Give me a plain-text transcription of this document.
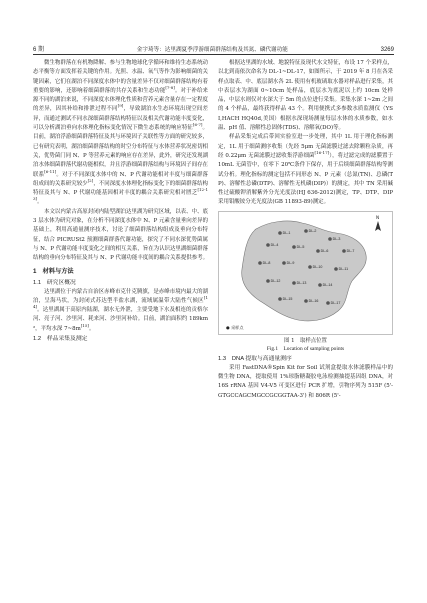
6 期	金宇琦等：达里湖夏季浮游细菌群落结构及其氮、磷代谢功能	3269

微生物群落在有机物降解、参与生物地球化学循环和维持生态系统动态平衡等方面发挥着关键的作用。光照、水温、氧气等作为影响细菌的关键因素，它们在湖泊不同深度水体中的含量差异不仅对细菌群落结构有着重要的影响，还影响着细菌群落的共存关系和生态功能[7-8]。对于补给来源不同的湖泊来说，不同深度水体理化性质和营养元素含量存在一定程度的差异，因其补给和排泄过程不同[9]，导致湖泊水生态环境出现空间差异，而通过测试不同水深细菌群落结构特征以及相关代谢功能丰度变化，可以分析湖泊垂向水体理化指标变化情况下微生态系统的响应特征[6-7]。目前，湖泊浮游细菌群落特征及其与环境因子关联性等方面的研究较多，已有研究表明，湖泊细菌群落结构的时空分布特征与水体营养状况密切相关，优势菌门同 N、P 等营养元素的响应存在差异，此外，研究还发现湖泊水体细菌群落代谢功能相似，并且浮游细菌群落结构与环境因子间存在联系[6-11]。对于不同深度水体中的 N、P 代谢功能相对丰度与细菌群落组成间的关系研究较少[2]，不同深度水体理化指标变化下的细菌群落结构特征及其与 N、P 代谢功能基因相对丰度的耦合关系研究相对匮乏[12-13]。

本文以内蒙古高原封闭内陆型湖泊达里湖为研究区域，以表、中、底 3 层水体为研究对象，在分析不同深度水体中 N、P 元素含量垂向差异的基础上，利用高通量测序技术，讨论了细菌群落结构组成及垂向分布特征，结合 PICRUSt2 预测细菌群落代谢功能，探究了不同水深优势菌属与 N、P 代谢功能丰度变化之间的相互关系，旨在为认识达里湖细菌群落结构的垂向分布特征及其与 N、P 代谢功能丰度间的耦合关系提供参考。

1　材料与方法
1.1　研究区概况

达里湖位于内蒙古自治区赤峰市克什克腾旗，是赤峰市境内最大的湖泊，呈海马状，为封闭式苏达型半盐水湖，流域属温带大陆性气候区[14]。达里湖属于高原内陆湖，湖水无外泄，主要受地下水及相连的贡格尔河、亮子河、沙里河、耗来河、沙里河补给。目前，湖泊面积约 189km²，平均水深 7~8m[15]。

1.2　样品采集及测定

根据达里湖的水域、地貌特征及现代水文特征，布设 17 个采样点，以北到南依次命名为 DL-1~DL-17，如图所示，于 2019 年 8 月在各采样点取表、中、底层湖水各 2L 使用有机玻璃取水器对样品进行采集，其中表层水为湖面 0~10cm 处样品，底层水为底泥以上约 10cm 处样品，中层水则仅对水深大于 5m 的点位进行采集。采集水深 1~2m 之间的 4 个样品，最终获得样品 43 个。利用便携式多参数水质监测仪（YSI,HACH HQ40d,美国）根据水深现场测量每层水体的水质参数，如水温、pH 值、溶解性总固体(TDS)、溶解氧(DO)等。

样品采集完成后带回实验室进一步处理，其中 1L 用于理化指标测定，1L 用于细菌测序收集（先经 5μm 无菌滤膜过滤去除颗粒杂质，再经 0.22μm 无菌滤膜过滤收集浮游细菌[16-17]），将过滤完成的滤膜置于 10mL 无菌管中，在零下 20℃条件下保存，用于后续细菌群落结构等测试分析。理化指标的测定包括不同形态 N、P 元素（总氮(TN)、总磷(TP)、溶解性总磷(DTP)、溶解性无机磷(DIP)）的测定，其中 TN 采用碱性过硫酸钾消解紫外分光光度法(HJ 636-2012)测定，TP、DTP、DIP 采用钼酸铵分光光度法(GB 11893-89)测定。

N
DL-1	DL-2
DL-3
DL-4	DL-5
DL-6	DL-7
DL-8	DL-9
DL-10	DL-11
DL-12	DL-13	DL-14
DL-15	DL-16	DL-17
● 采样点
图 1　取样点位置
Fig.1　Location of sampling points
1.3　DNA 提取与高通量测序

采用 FastDNA®Spin Kit for Soil 试剂盒提取水体滤膜样品中的微生物 DNA，提取使用 1%琼脂糖凝胶电泳检测抽提基因组 DNA，对 16S rRNA 基因 V4-V5 可变区进行 PCR 扩增，引物序列为 515F (5'-GTGCCAGCMGCCGCGGTAA-3') 和 806R (5'-
